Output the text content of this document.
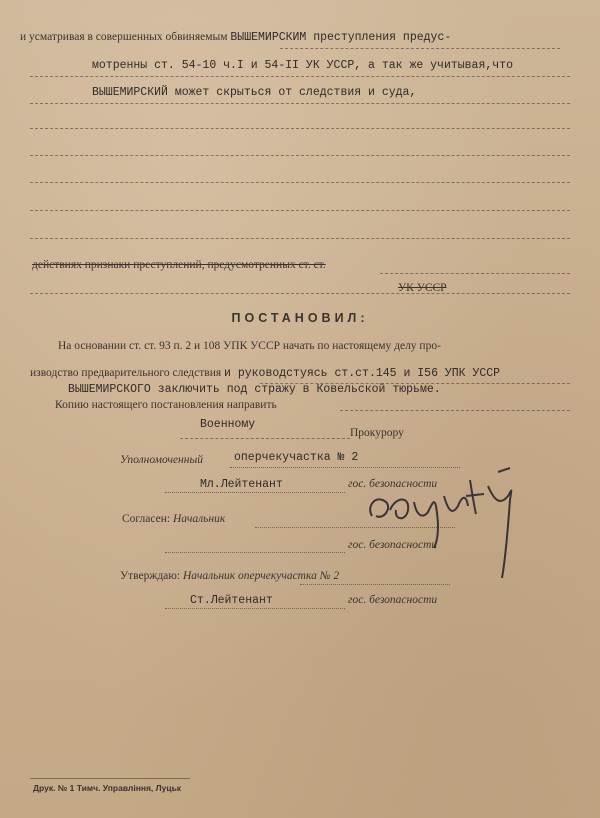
и усматривая в совершенных обвиняемым ВЫШЕМИРСКИМ преступления предус-
мотренны ст. 54-10 ч.I и 54-II УК УССР, а так же учитывая,что
ВЫШЕМИРСКИЙ может скрыться от следствия и суда,
действиях признаки преступлений, предусмотренных ст. ст.
УК УССР
ПОСТАНОВИЛ:
На основании ст. ст. 93 п. 2 и 108 УПК УССР начать по настоящему делу про-
изводство предварительного следствия и руководстуясь ст.ст.145 и I56 УПК УССР
ВЫШЕМИРСКОГО заключить под стражу в Ковельской тюрьме.
Копию настоящего постановления направить
Военному
Прокурору
Уполномоченный	оперчекучастка № 2
Мл.Лейтенант	гос. безопасности
Согласен: Начальник
гос. безопасности
Утверждаю: Начальник оперчекучастка № 2
Ст.Лейтенант	гос. безопасности
Друк. № 1 Тимч. Управління, Луцьк
